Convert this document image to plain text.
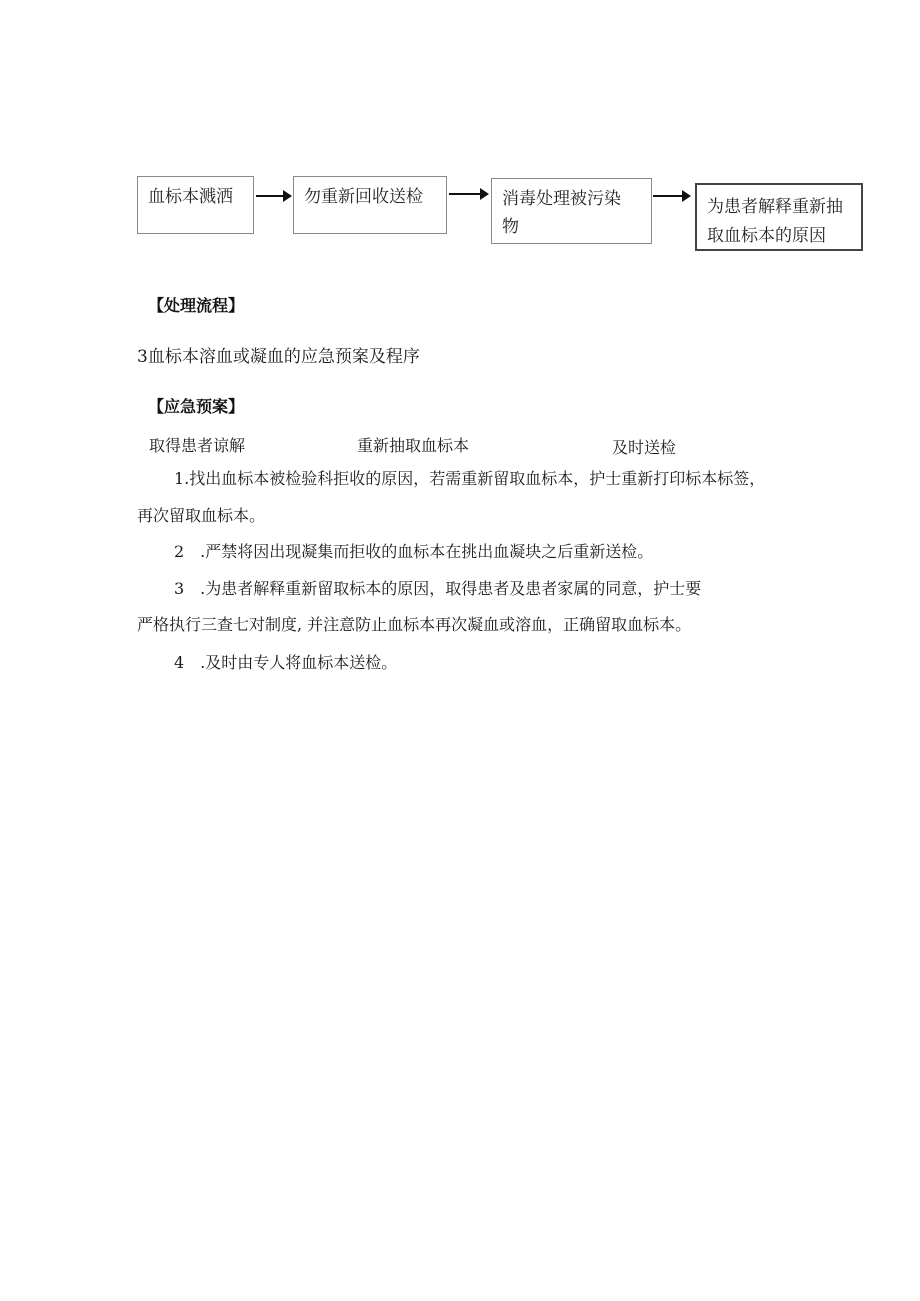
血标本溅洒	勿重新回收送检	消毒处理被污染物
为患者解释重新抽取血标本的原因
【处理流程】
3血标本溶血或凝血的应急预案及程序
【应急预案】
取得患者谅解	重新抽取血标本	及时送检
1.找出血标本被检验科拒收的原因，若需重新留取血标本，护士重新打印标本标签，
再次留取血标本。
2　.严禁将因出现凝集而拒收的血标本在挑出血凝块之后重新送检。
3　.为患者解释重新留取标本的原因，取得患者及患者家属的同意，护士要
严格执行三查七对制度, 并注意防止血标本再次凝血或溶血，正确留取血标本。
4　.及时由专人将血标本送检。
